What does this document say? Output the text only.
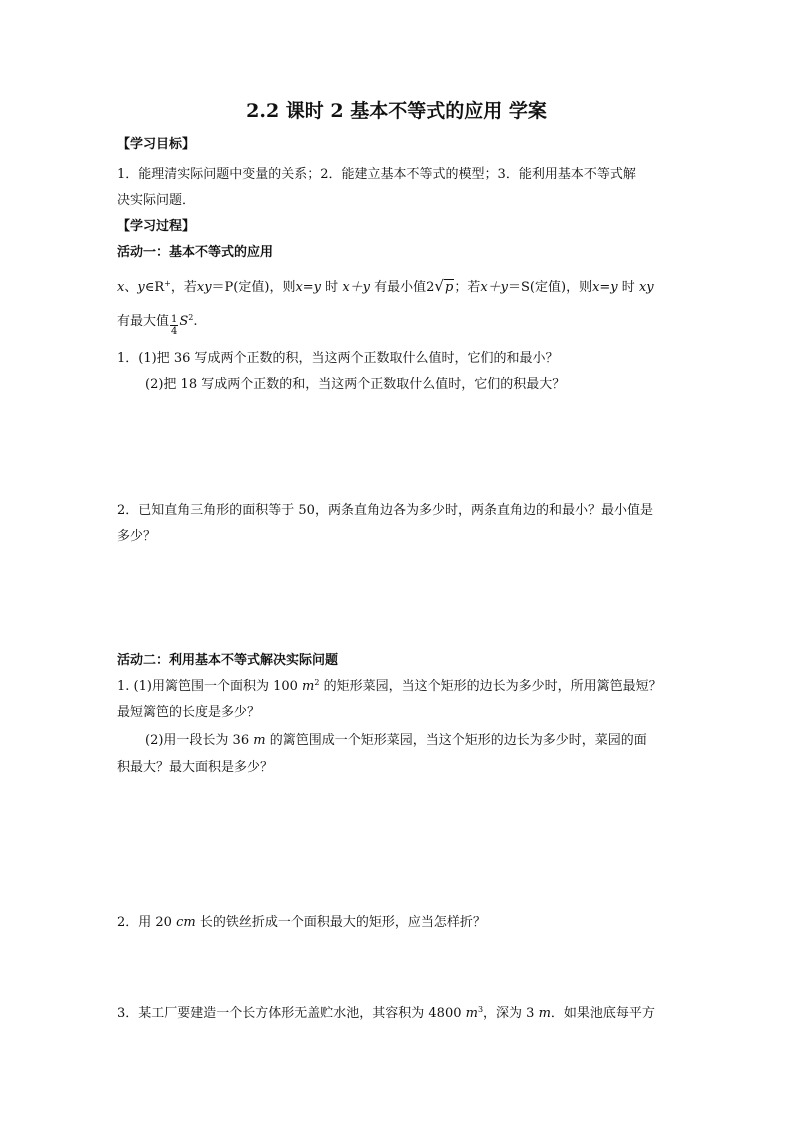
2.2 课时 2 基本不等式的应用 学案
【学习目标】
1．能理清实际问题中变量的关系；2．能建立基本不等式的模型；3．能利用基本不等式解
决实际问题．
【学习过程】
活动一：基本不等式的应用
x、y∈R+，若xy＝P(定值)，则x=y 时 x＋y 有最小值2√p；若x＋y＝S(定值)，则x=y 时 xy
有最大值 $\frac{1}{4} S^2$.
1．(1)把 36 写成两个正数的积，当这两个正数取什么值时，它们的和最小？
(2)把 18 写成两个正数的和，当这两个正数取什么值时，它们的积最大？
2．已知直角三角形的面积等于 50，两条直角边各为多少时，两条直角边的和最小？最小值是
多少？
活动二：利用基本不等式解决实际问题
1. (1)用篱笆围一个面积为 100 $m^2$ 的矩形菜园，当这个矩形的边长为多少时，所用篱笆最短？
最短篱笆的长度是多少？
(2)用一段长为 36 m 的篱笆围成一个矩形菜园，当这个矩形的边长为多少时，菜园的面
积最大？最大面积是多少？
2．用 20 cm 长的铁丝折成一个面积最大的矩形，应当怎样折？
3．某工厂要建造一个长方体形无盖贮水池，其容积为 4800 $m^3$，深为 3 m．如果池底每平方
